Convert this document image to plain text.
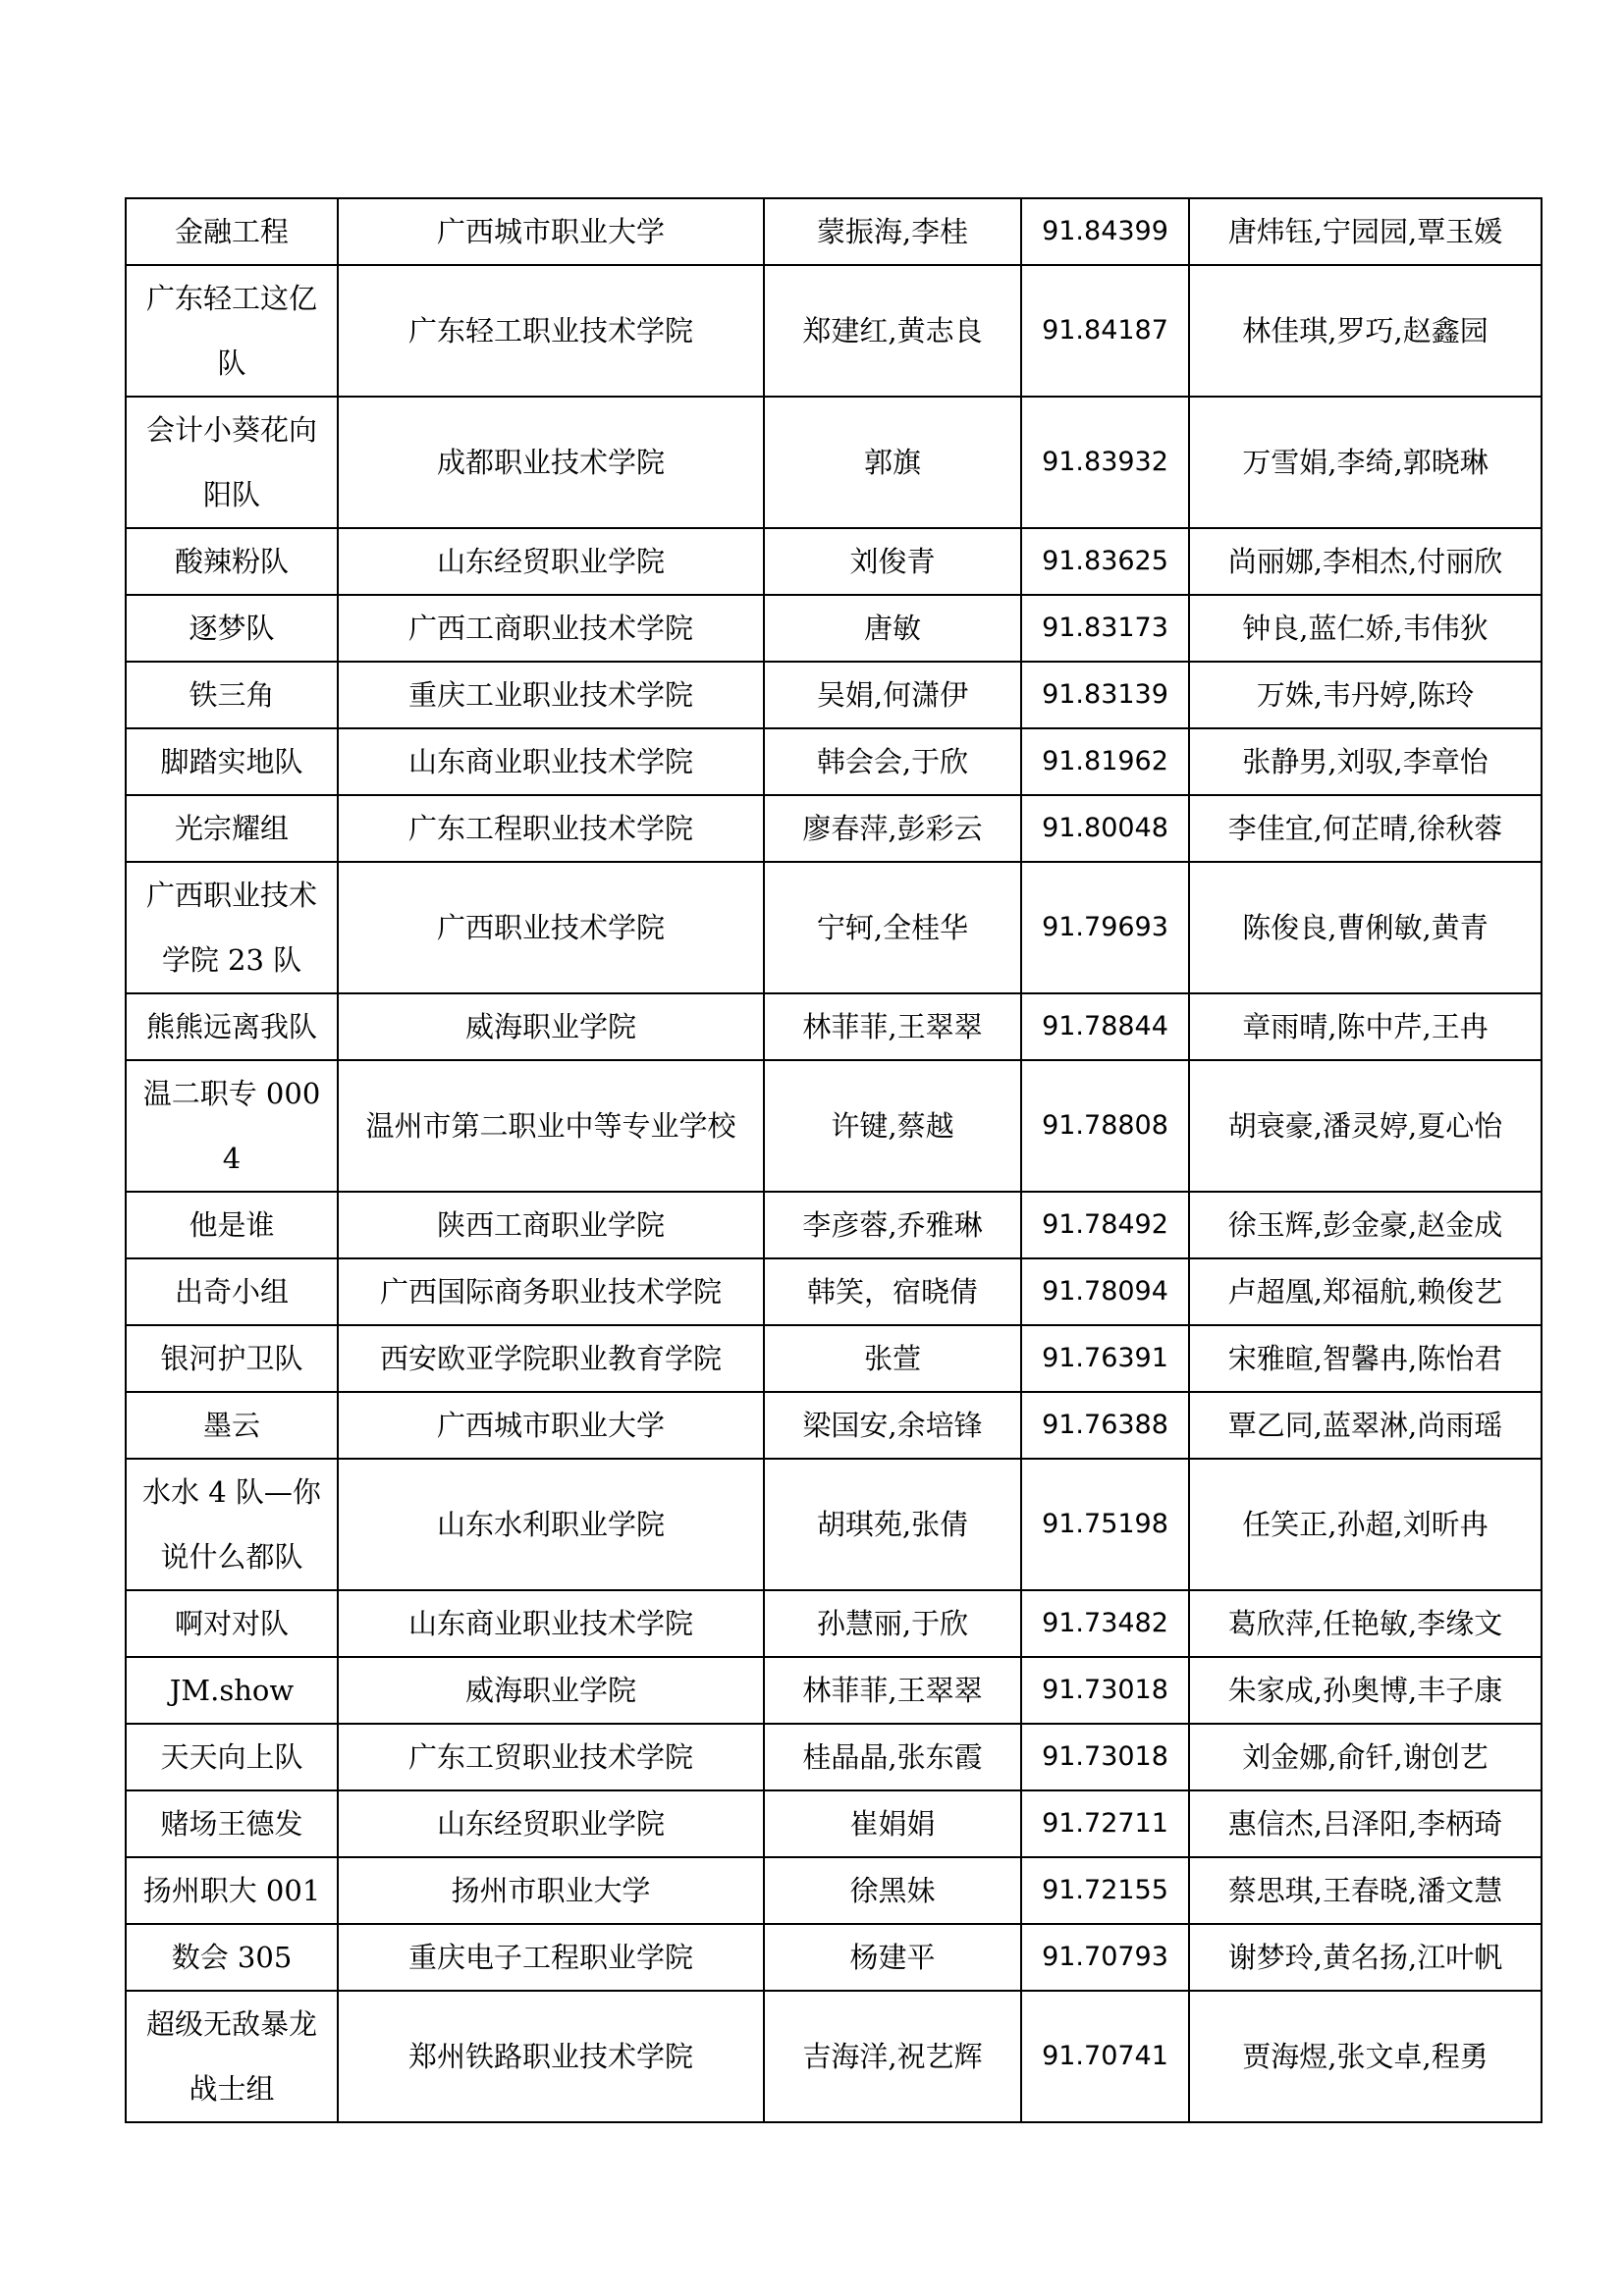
金融工程	广西城市职业大学	蒙振海,李桂	91.84399	唐炜钰,宁园园,覃玉媛
广东轻工这亿队	广东轻工职业技术学院	郑建红,黄志良	91.84187	林佳琪,罗巧,赵鑫园
会计小葵花向阳队	成都职业技术学院	郭旗	91.83932	万雪娟,李绮,郭晓琳
酸辣粉队	山东经贸职业学院	刘俊青	91.83625	尚丽娜,李相杰,付丽欣
逐梦队	广西工商职业技术学院	唐敏	91.83173	钟良,蓝仁娇,韦伟狄
铁三角	重庆工业职业技术学院	吴娟,何潇伊	91.83139	万姝,韦丹婷,陈玲
脚踏实地队	山东商业职业技术学院	韩会会,于欣	91.81962	张静男,刘驭,李章怡
光宗耀组	广东工程职业技术学院	廖春萍,彭彩云	91.80048	李佳宜,何芷晴,徐秋蓉
广西职业技术学院 23 队	广西职业技术学院	宁轲,全桂华	91.79693	陈俊良,曹俐敏,黄青
熊熊远离我队	威海职业学院	林菲菲,王翠翠	91.78844	章雨晴,陈中芹,王冉
温二职专 0004	温州市第二职业中等专业学校	许键,蔡越	91.78808	胡衰豪,潘灵婷,夏心怡
他是谁	陕西工商职业学院	李彦蓉,乔雅琳	91.78492	徐玉辉,彭金豪,赵金成
出奇小组	广西国际商务职业技术学院	韩笑，宿晓倩	91.78094	卢超凰,郑福航,赖俊艺
银河护卫队	西安欧亚学院职业教育学院	张萱	91.76391	宋雅暄,智馨冉,陈怡君
墨云	广西城市职业大学	梁国安,余培锋	91.76388	覃乙同,蓝翠淋,尚雨瑶
水水 4 队—你说什么都队	山东水利职业学院	胡琪苑,张倩	91.75198	任笑正,孙超,刘昕冉
啊对对队	山东商业职业技术学院	孙慧丽,于欣	91.73482	葛欣萍,任艳敏,李缘文
JM.show	威海职业学院	林菲菲,王翠翠	91.73018	朱家成,孙奥博,丰子康
天天向上队	广东工贸职业技术学院	桂晶晶,张东霞	91.73018	刘金娜,俞钎,谢创艺
赌场王德发	山东经贸职业学院	崔娟娟	91.72711	惠信杰,吕泽阳,李柄琦
扬州职大 001	扬州市职业大学	徐黑妹	91.72155	蔡思琪,王春晓,潘文慧
数会 305	重庆电子工程职业学院	杨建平	91.70793	谢梦玲,黄名扬,江叶帆
超级无敌暴龙战士组	郑州铁路职业技术学院	吉海洋,祝艺辉	91.70741	贾海煜,张文卓,程勇
